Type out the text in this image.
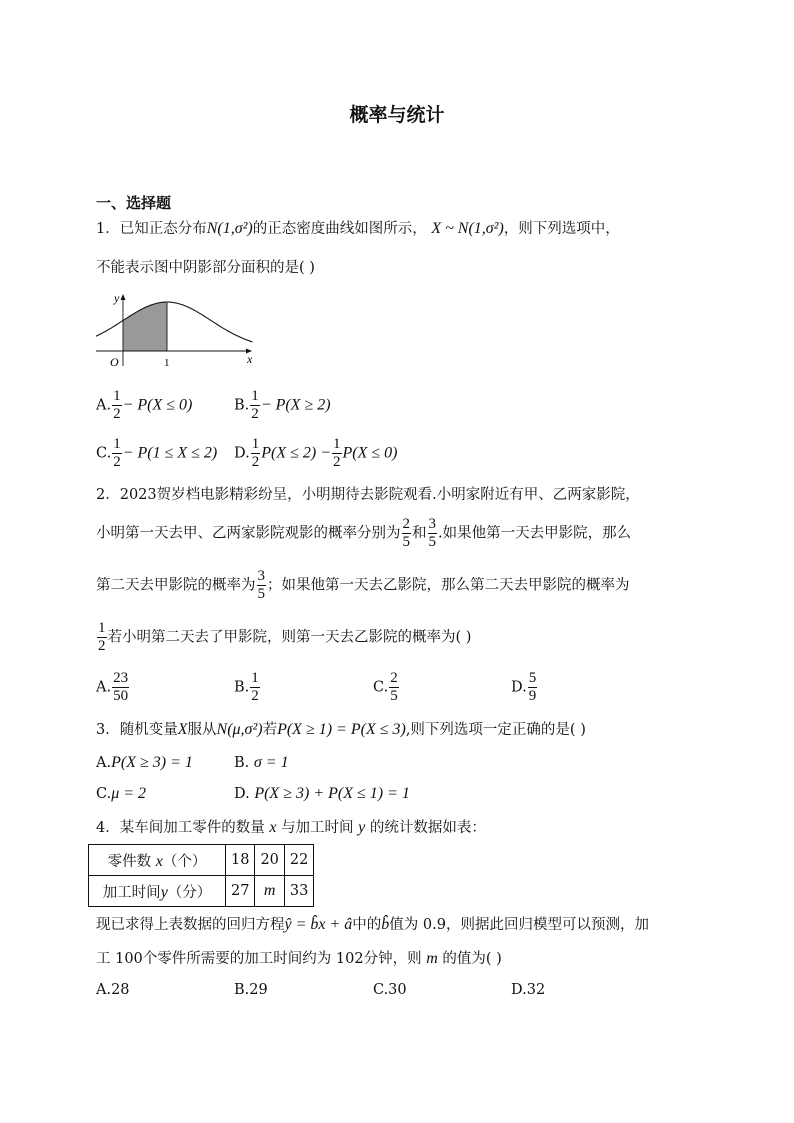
概率与统计
一、选择题
1．已知正态分布N(1,σ²)的正态密度曲线如图所示， X ~ N(1,σ²)，则下列选项中，
不能表示图中阴影部分面积的是( )
y
x
O	1
A. $\frac{1}{2} - P(X \le 0)$	B. $\frac{1}{2} - P(X \ge 2)$
C. $\frac{1}{2} - P(1 \le X \le 2)$ D. $\frac{1}{2} P(X \le 2) - \frac{1}{2} P(X \le 0)$
2．2023贺岁档电影精彩纷呈，小明期待去影院观看.小明家附近有甲、乙两家影院，
小明第一天去甲、乙两家影院观影的概率分别为 $\frac{2}{5}$ 和 $\frac{3}{5}$ .如果他第一天去甲影院，那么
第二天去甲影院的概率为 $\frac{3}{5}$ ；如果他第一天去乙影院，那么第二天去甲影院的概率为
$\frac{1}{2}$ 若小明第二天去了甲影院，则第一天去乙影院的概率为( )
A. $\frac{23}{50}$	B. $\frac{1}{2}$	C. $\frac{2}{5}$	D. $\frac{5}{9}$
3．随机变量X服从N(μ,σ²)若P(X ≥ 1) = P(X ≤ 3),则下列选项一定正确的是( )
A.P(X ≥ 3) = 1	B. σ = 1
C.μ = 2	D. P(X ≥ 3) + P(X ≤ 1) = 1
4．某车间加工零件的数量 x 与加工时间 y 的统计数据如表：
零件数 x（个）	18	20	22
加工时间y（分）	27	m	33
现已求得上表数据的回归方程ŷ = b̂x + â中的b̂值为 0.9，则据此回归模型可以预测，加
工 100个零件所需要的加工时间约为 102分钟，则 m 的值为( )
A.28	B.29	C.30	D.32
